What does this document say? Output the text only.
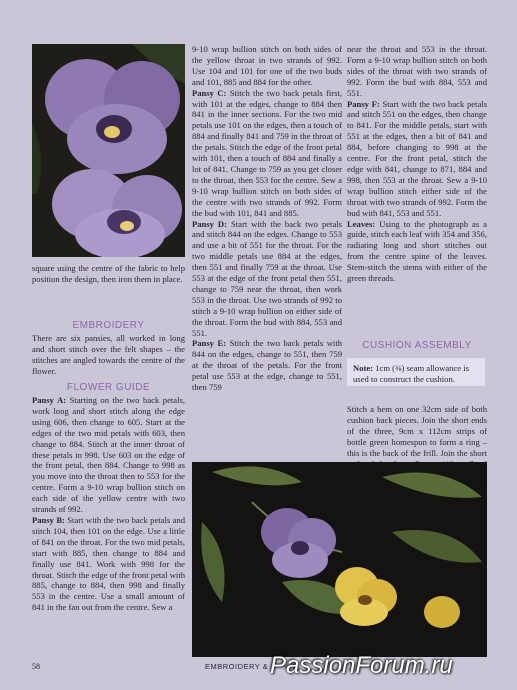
square using the centre of the fabric to help position the design, then iron them in place.

EMBROIDERY

There are six pansies, all worked in long and short stitch over the felt shapes – the stitches are angled towards the centre of the flower.

FLOWER GUIDE

Pansy A: Starting on the two back petals, work long and short stitch along the edge using 606, then change to 605. Start at the edges of the two mid petals with 603, then change to 884. Stitch at the inner throat of these petals in 998. Use 603 on the edge of the front petal, then 884. Change to 998 as you move into the throat then to 553 for the centre. Form a 9-10 wrap bullion stitch on each side of the yellow centre with two strands of 992.

Pansy B: Start with the two back petals and stitch 104, then 101 on the edge. Use a little of 841 on the throat. For the two mid petals, start with 885, then change to 884 and finally use 841. Work with 998 for the throat. Stitch the edge of the front petal with 885, change to 884, then 998 and finally 553 in the centre. Use a small amount of 841 in the fan out from the centre. Sew a

9-10 wrap bullion stitch on both sides of the yellow throat in two strands of 992. Use 104 and 101 for one of the two buds and 101, 885 and 884 for the other.

Pansy C: Stitch the two back petals first, with 101 at the edges, change to 884 then 841 in the inner sections. For the two mid petals use 101 on the edges, then a touch of 884 and finally 841 and 759 in the throat of the petals. Stitch the edge of the front petal with 101, then a touch of 884 and finally a lot of 841. Change to 759 as you get closer to the throat, then 553 for the centre. Sew a 9-10 wrap bullion stitch on both sides of the centre with two strands of 992. Form the bud with 101, 841 and 885.

Pansy D: Start with the back two petals and stitch 844 on the edges. Change to 553 and use a bit of 551 for the throat. For the two middle petals use 884 at the edges, then 551 and finally 759 at the throat. Use 553 at the edge of the front petal then 551, change to 759 near the throat, then work 553 in the throat. Use two strands of 992 to stitch a 9-10 wrap bullion on either side of the throat. Form the bud with 884, 553 and 551.

Pansy E: Stitch the two back petals with 844 on the edges, change to 551, then 759 at the throat of the petals. For the front petal use 553 at the edge, change to 551, then 759

near the throat and 553 in the throat. Form a 9-10 wrap bullion stitch on both sides of the throat with two strands of 992. Form the bud with 884, 553 and 551.

Pansy F: Start with the two back petals and stitch 551 on the edges, then change to 841. For the middle petals, start with 551 at the edges, then a bit of 841 and 884, before changing to 998 at the centre. For the front petal, stitch the edge with 841, change to 871, 884 and 998, then 553 at the throat. Sew a 9-10 wrap bullion stitch either side of the throat with two strands of 992. Form the bud with 841, 553 and 551.

Leaves: Using to the photograph as a guide, stitch each leaf with 354 and 356, radiating long and short stitches out from the centre spine of the leaves. Stem-stitch the stems with either of the green threads.

CUSHION ASSEMBLY
Note: 1cm (⅜) seam allowance is used to construct the cushion.

Stitch a hem on one 32cm side of both cushion back pieces. Join the short ends of the three, 9cm x 112cm strips of bottle green homespun to form a ring – this is the back of the frill. Join the short

58	EMBROIDERY & PassionForum.ru
